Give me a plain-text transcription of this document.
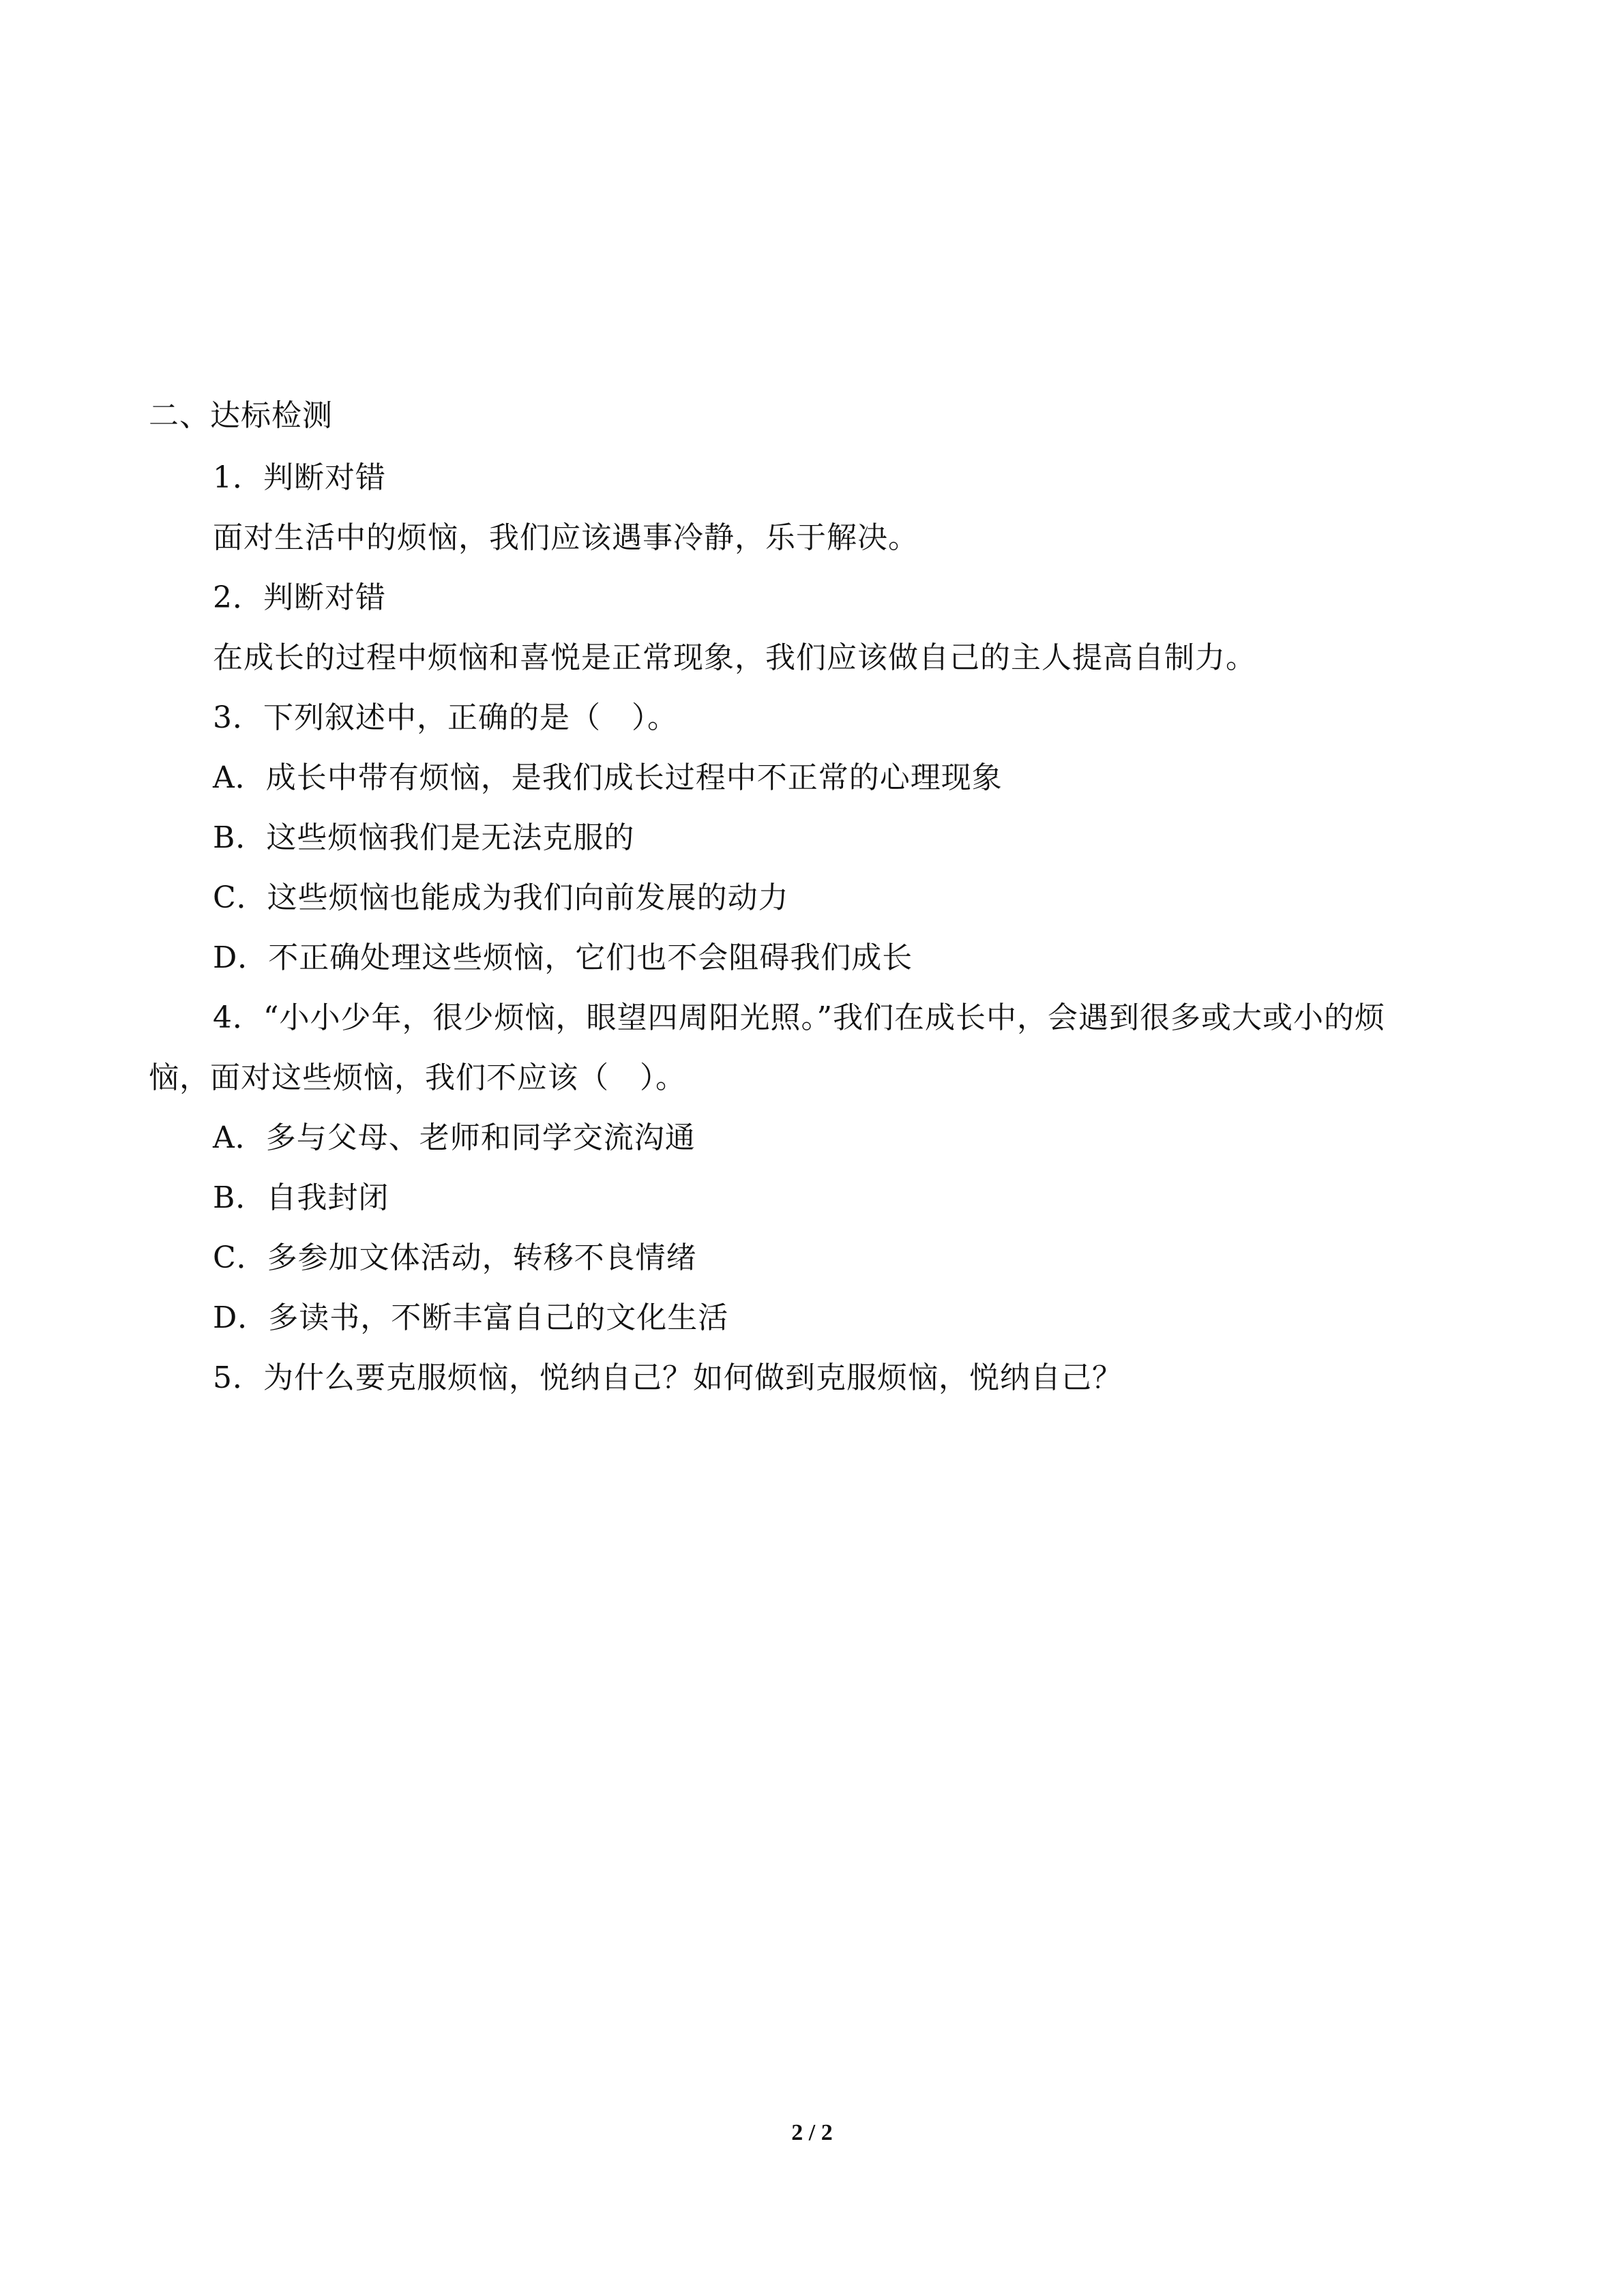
二、达标检测
1．判断对错
面对生活中的烦恼，我们应该遇事冷静，乐于解决。
2．判断对错
在成长的过程中烦恼和喜悦是正常现象，我们应该做自己的主人提高自制力。
3．下列叙述中，正确的是（　）。
A．成长中带有烦恼，是我们成长过程中不正常的心理现象
B．这些烦恼我们是无法克服的
C．这些烦恼也能成为我们向前发展的动力
D．不正确处理这些烦恼，它们也不会阻碍我们成长
4．“小小少年，很少烦恼，眼望四周阳光照。”我们在成长中，会遇到很多或大或小的烦
恼，面对这些烦恼，我们不应该（　）。
A．多与父母、老师和同学交流沟通
B．自我封闭
C．多参加文体活动，转移不良情绪
D．多读书，不断丰富自己的文化生活
5．为什么要克服烦恼，悦纳自己？如何做到克服烦恼，悦纳自己？
2 / 2
